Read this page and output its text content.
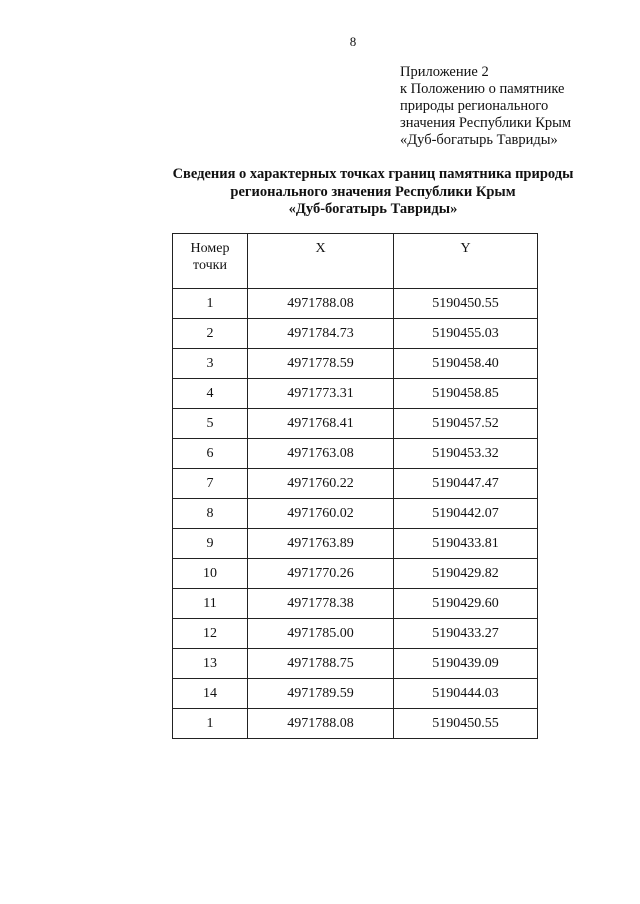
8
Приложение 2
к Положению о памятнике
природы регионального
значения Республики Крым
«Дуб-богатырь Тавриды»
Сведения о характерных точках границ памятника природы
регионального значения Республики Крым
«Дуб-богатырь Тавриды»
Номер
точки	X	Y
1	4971788.08	5190450.55
2	4971784.73	5190455.03
3	4971778.59	5190458.40
4	4971773.31	5190458.85
5	4971768.41	5190457.52
6	4971763.08	5190453.32
7	4971760.22	5190447.47
8	4971760.02	5190442.07
9	4971763.89	5190433.81
10	4971770.26	5190429.82
11	4971778.38	5190429.60
12	4971785.00	5190433.27
13	4971788.75	5190439.09
14	4971789.59	5190444.03
1	4971788.08	5190450.55
